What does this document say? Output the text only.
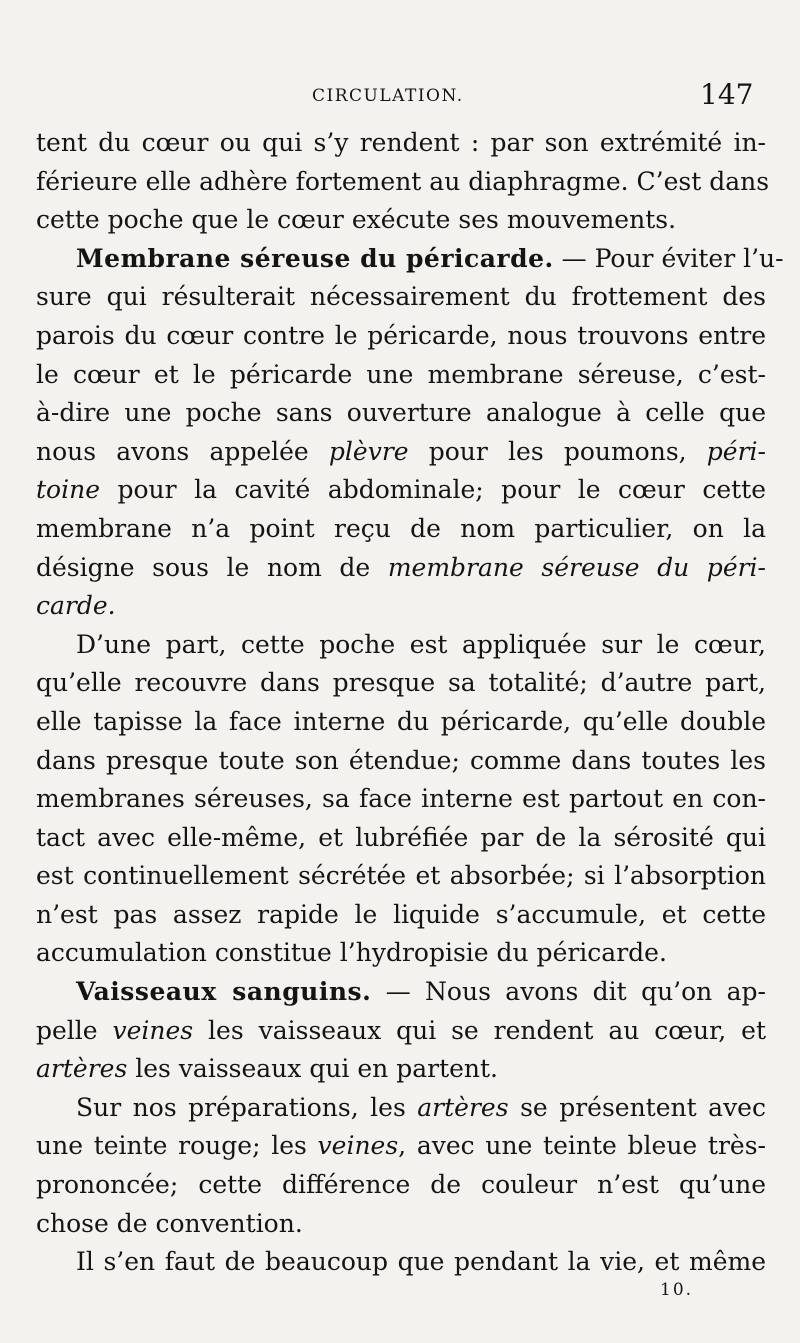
CIRCULATION.	147
tent du cœur ou qui s’y rendent : par son extrémité in-
férieure elle adhère fortement au diaphragme. C’est dans
cette poche que le cœur exécute ses mouvements.
Membrane séreuse du péricarde. — Pour éviter l’u-
sure qui résulterait nécessairement du frottement des
parois du cœur contre le péricarde, nous trouvons entre
le cœur et le péricarde une membrane séreuse, c’est-
à-dire une poche sans ouverture analogue à celle que
nous avons appelée plèvre pour les poumons, péri-
toine pour la cavité abdominale; pour le cœur cette
membrane n’a point reçu de nom particulier, on la
désigne sous le nom de membrane séreuse du péri-
carde.
D’une part, cette poche est appliquée sur le cœur,
qu’elle recouvre dans presque sa totalité; d’autre part,
elle tapisse la face interne du péricarde, qu’elle double
dans presque toute son étendue; comme dans toutes les
membranes séreuses, sa face interne est partout en con-
tact avec elle-même, et lubréfiée par de la sérosité qui
est continuellement sécrétée et absorbée; si l’absorption
n’est pas assez rapide le liquide s’accumule, et cette
accumulation constitue l’hydropisie du péricarde.
Vaisseaux sanguins. — Nous avons dit qu’on ap-
pelle veines les vaisseaux qui se rendent au cœur, et
artères les vaisseaux qui en partent.
Sur nos préparations, les artères se présentent avec
une teinte rouge; les veines, avec une teinte bleue très-
prononcée; cette différence de couleur n’est qu’une
chose de convention.
Il s’en faut de beaucoup que pendant la vie, et même
10.
